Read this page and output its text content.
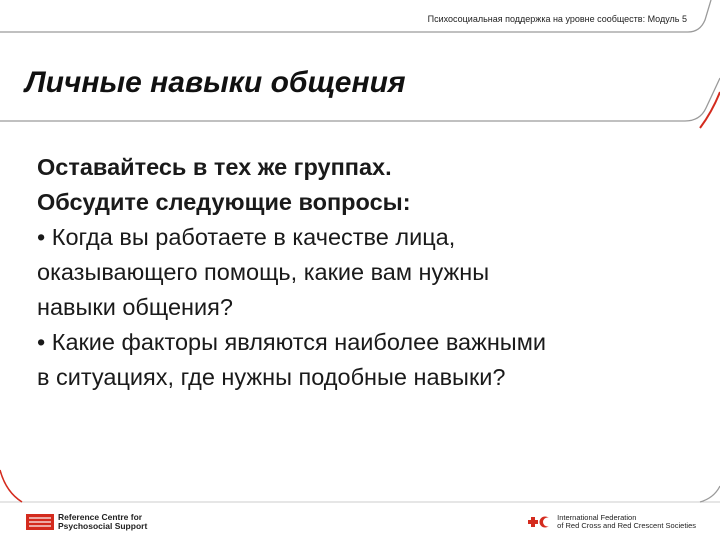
Психосоциальная поддержка на уровне сообществ: Модуль 5
Личные навыки общения
Оставайтесь в тех же группах.
Обсудите следующие вопросы:
• Когда вы работаете в качестве лица,
оказывающего помощь, какие вам нужны
навыки общения?
• Какие факторы являются наиболее важными
в ситуациях, где нужны подобные навыки?
Reference Centre for
Psychosocial Support
International Federation
of Red Cross and Red Crescent Societies
